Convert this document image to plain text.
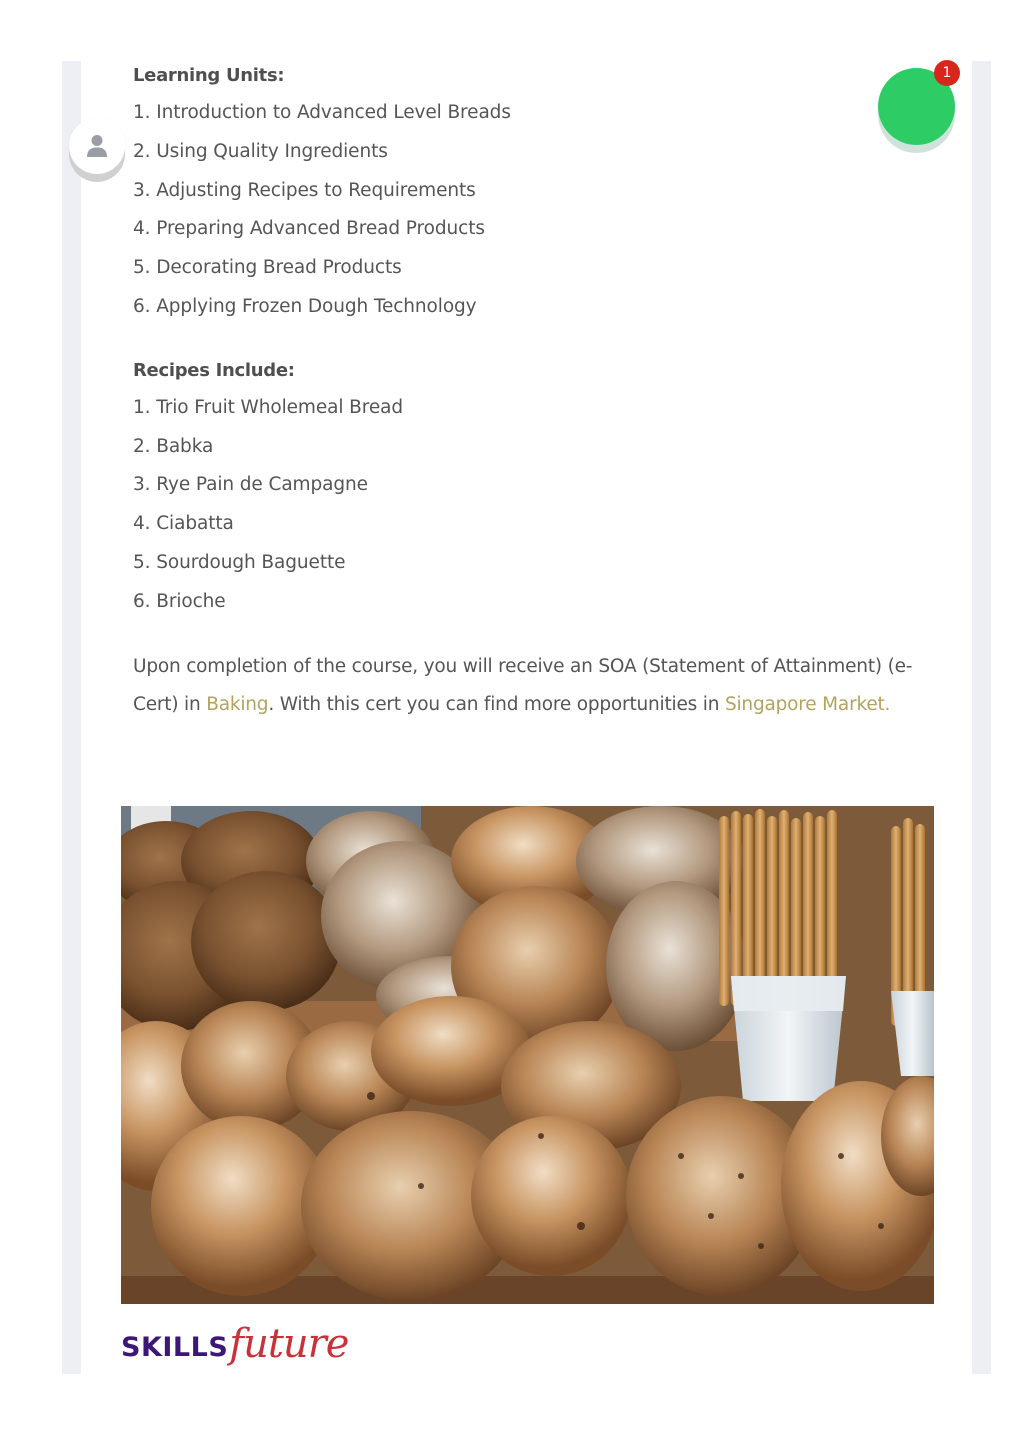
Learning Units:
1. Introduction to Advanced Level Breads
2. Using Quality Ingredients
3. Adjusting Recipes to Requirements
4. Preparing Advanced Bread Products
5. Decorating Bread Products
6. Applying Frozen Dough Technology
Recipes Include:
1. Trio Fruit Wholemeal Bread
2. Babka
3. Rye Pain de Campagne
4. Ciabatta
5. Sourdough Baguette
6. Brioche

Upon completion of the course, you will receive an SOA (Statement of Attainment) (e-Cert) in Baking. With this cert you can find more opportunities in Singapore Market.

1
SKILLS future
